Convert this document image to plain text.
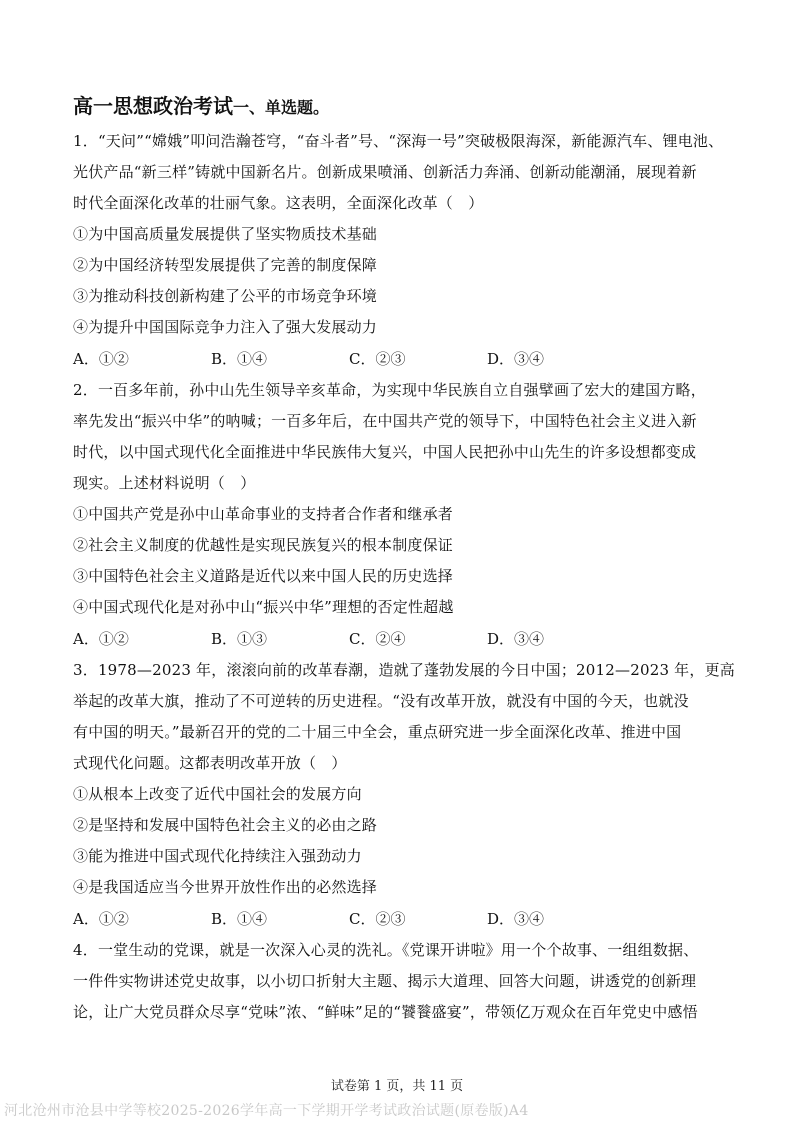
高一思想政治考试一、单选题。
1．“天问”“嫦娥”叩问浩瀚苍穹，“奋斗者”号、“深海一号”突破极限海深，新能源汽车、锂电池、
光伏产品“新三样”铸就中国新名片。创新成果喷涌、创新活力奔涌、创新动能潮涌，展现着新
时代全面深化改革的壮丽气象。这表明，全面深化改革（　）
①为中国高质量发展提供了坚实物质技术基础
②为中国经济转型发展提供了完善的制度保障
③为推动科技创新构建了公平的市场竞争环境
④为提升中国国际竞争力注入了强大发展动力
A．①②	B．①④	C．②③	D．③④
2．一百多年前，孙中山先生领导辛亥革命，为实现中华民族自立自强擘画了宏大的建国方略，
率先发出“振兴中华”的呐喊；一百多年后，在中国共产党的领导下，中国特色社会主义进入新
时代，以中国式现代化全面推进中华民族伟大复兴，中国人民把孙中山先生的许多设想都变成
现实。上述材料说明（　）
①中国共产党是孙中山革命事业的支持者合作者和继承者
②社会主义制度的优越性是实现民族复兴的根本制度保证
③中国特色社会主义道路是近代以来中国人民的历史选择
④中国式现代化是对孙中山“振兴中华”理想的否定性超越
A．①②	B．①③	C．②④	D．③④
3．1978—2023 年，滚滚向前的改革春潮，造就了蓬勃发展的今日中国；2012—2023 年，更高
举起的改革大旗，推动了不可逆转的历史进程。“没有改革开放，就没有中国的今天，也就没
有中国的明天。”最新召开的党的二十届三中全会，重点研究进一步全面深化改革、推进中国
式现代化问题。这都表明改革开放（　）
①从根本上改变了近代中国社会的发展方向
②是坚持和发展中国特色社会主义的必由之路
③能为推进中国式现代化持续注入强劲动力
④是我国适应当今世界开放性作出的必然选择
A．①②	B．①④	C．②③	D．③④
4．一堂生动的党课，就是一次深入心灵的洗礼。《党课开讲啦》用一个个故事、一组组数据、
一件件实物讲述党史故事，以小切口折射大主题、揭示大道理、回答大问题，讲透党的创新理
论，让广大党员群众尽享“党味”浓、“鲜味”足的“饕餮盛宴”，带领亿万观众在百年党史中感悟
试卷第 1 页，共 11 页
河北沧州市沧县中学等校2025-2026学年高一下学期开学考试政治试题(原卷版)A4
